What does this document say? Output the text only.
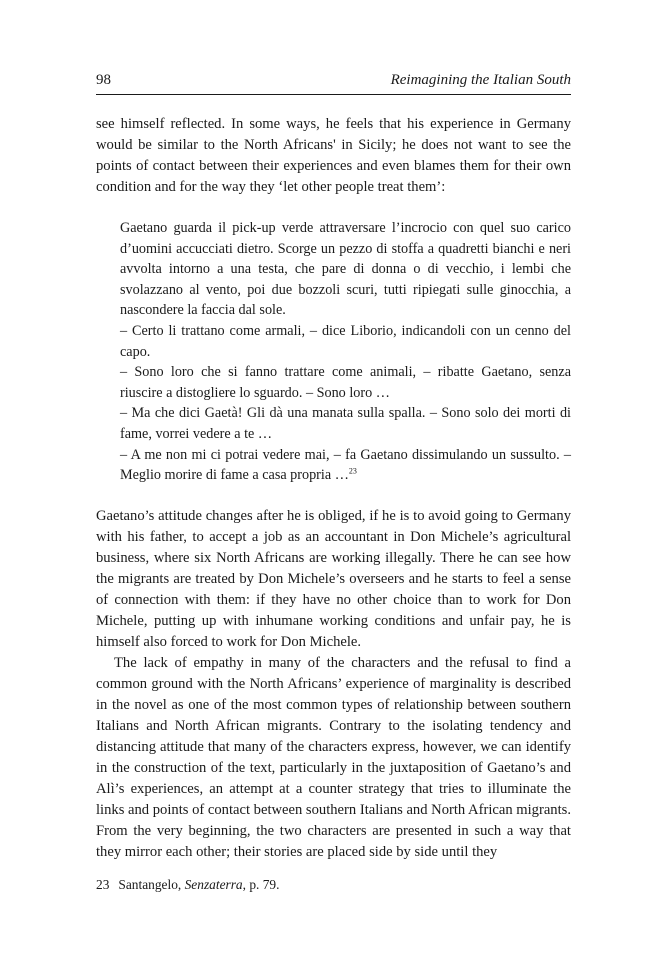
98	Reimagining the Italian South

see himself reflected. In some ways, he feels that his experience in Germany would be similar to the North Africans' in Sicily; he does not want to see the points of contact between their experiences and even blames them for their own condition and for the way they ‘let other people treat them’:

Gaetano guarda il pick-up verde attraversare l’incrocio con quel suo carico d’uomini accucciati dietro. Scorge un pezzo di stoffa a quadretti bianchi e neri avvolta intorno a una testa, che pare di donna o di vecchio, i lembi che svolazzano al vento, poi due bozzoli scuri, tutti ripiegati sulle ginocchia, a nascondere la faccia dal sole.
– Certo li trattano come armali, – dice Liborio, indicandoli con un cenno del capo.
– Sono loro che si fanno trattare come animali, – ribatte Gaetano, senza riuscire a distogliere lo sguardo. – Sono loro …
– Ma che dici Gaetà! Gli dà una manata sulla spalla. – Sono solo dei morti di fame, vorrei vedere a te …
– A me non mi ci potrai vedere mai, – fa Gaetano dissimulando un sussulto. – Meglio morire di fame a casa propria …$^{23}$

Gaetano’s attitude changes after he is obliged, if he is to avoid going to Germany with his father, to accept a job as an accountant in Don Michele’s agricultural business, where six North Africans are working illegally. There he can see how the migrants are treated by Don Michele’s overseers and he starts to feel a sense of connection with them: if they have no other choice than to work for Don Michele, putting up with inhumane working conditions and unfair pay, he is himself also forced to work for Don Michele.

The lack of empathy in many of the characters and the refusal to find a common ground with the North Africans’ experience of marginality is described in the novel as one of the most common types of relationship between southern Italians and North African migrants. Contrary to the isolating tendency and distancing attitude that many of the characters express, however, we can identify in the construction of the text, particularly in the juxtaposition of Gaetano’s and Alì’s experiences, an attempt at a counter strategy that tries to illuminate the links and points of contact between southern Italians and North African migrants. From the very beginning, the two characters are presented in such a way that they mirror each other; their stories are placed side by side until they

23 Santangelo, Senzaterra, p. 79.
